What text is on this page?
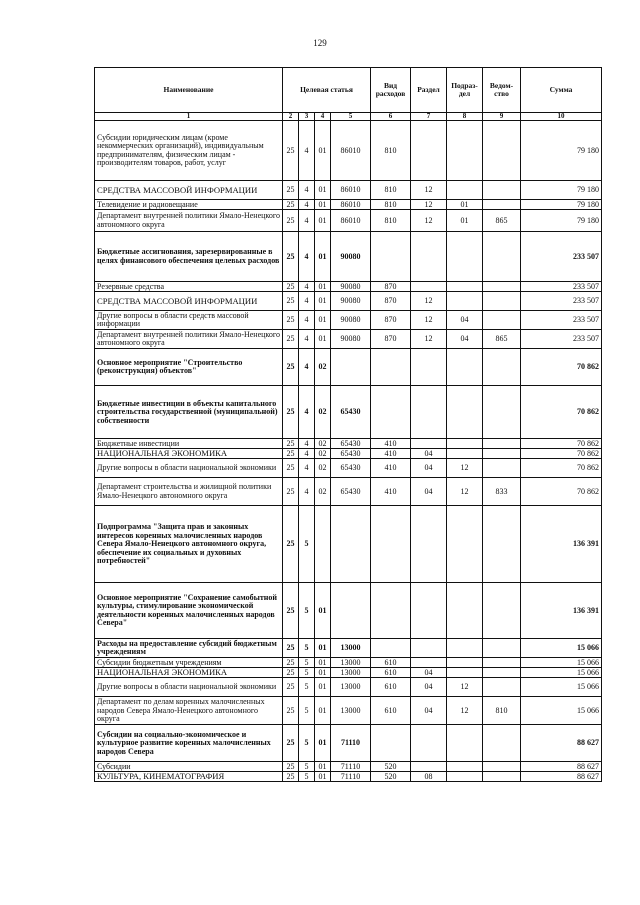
129
Наименование	Целевая статья				Вид расходов	Раздел	Подраз-дел	Ведом-ство	Сумма
1	2	3	4	5	6	7	8	9	10
Субсидии юридическим лицам (кроме некоммерческих организаций), индивидуальным предпринимателям, физическим лицам - производителям товаров, работ, услуг	25	4	01	86010	810				79 180
СРЕДСТВА МАССОВОЙ ИНФОРМАЦИИ	25	4	01	86010	810	12			79 180
Телевидение и радиовещание	25	4	01	86010	810	12	01		79 180
Департамент внутренней политики Ямало-Ненецкого автономного округа	25	4	01	86010	810	12	01	865	79 180
Бюджетные ассигнования, зарезервированные в целях финансового обеспечения целевых расходов	25	4	01	90080					233 507
Резервные средства	25	4	01	90080	870				233 507
СРЕДСТВА МАССОВОЙ ИНФОРМАЦИИ	25	4	01	90080	870	12			233 507
Другие вопросы в области средств массовой информации	25	4	01	90080	870	12	04		233 507
Департамент внутренней политики Ямало-Ненецкого автономного округа	25	4	01	90080	870	12	04	865	233 507
Основное мероприятие "Строительство (реконструкция) объектов"	25	4	02						70 862
Бюджетные инвестиции в объекты капитального строительства государственной (муниципальной) собственности	25	4	02	65430					70 862
Бюджетные инвестиции	25	4	02	65430	410				70 862
НАЦИОНАЛЬНАЯ ЭКОНОМИКА	25	4	02	65430	410	04			70 862
Другие вопросы в области национальной экономики	25	4	02	65430	410	04	12		70 862
Департамент строительства и жилищной политики Ямало-Ненецкого автономного округа	25	4	02	65430	410	04	12	833	70 862
Подпрограмма "Защита прав и законных интересов коренных малочисленных народов Севера Ямало-Ненецкого автономного округа, обеспечение их социальных и духовных потребностей"	25	5							136 391
Основное мероприятие "Сохранение самобытной культуры, стимулирование экономической деятельности коренных малочисленных народов Севера"	25	5	01						136 391
Расходы на предоставление субсидий бюджетным учреждениям	25	5	01	13000					15 066
Субсидии бюджетным учреждениям	25	5	01	13000	610				15 066
НАЦИОНАЛЬНАЯ ЭКОНОМИКА	25	5	01	13000	610	04			15 066
Другие вопросы в области национальной экономики	25	5	01	13000	610	04	12		15 066
Департамент по делам коренных малочисленных народов Севера Ямало-Ненецкого автономного округа	25	5	01	13000	610	04	12	810	15 066
Субсидии на социально-экономическое и культурное развитие коренных малочисленных народов Севера	25	5	01	71110					88 627
Субсидии	25	5	01	71110	520				88 627
КУЛЬТУРА, КИНЕМАТОГРАФИЯ	25	5	01	71110	520	08			88 627
